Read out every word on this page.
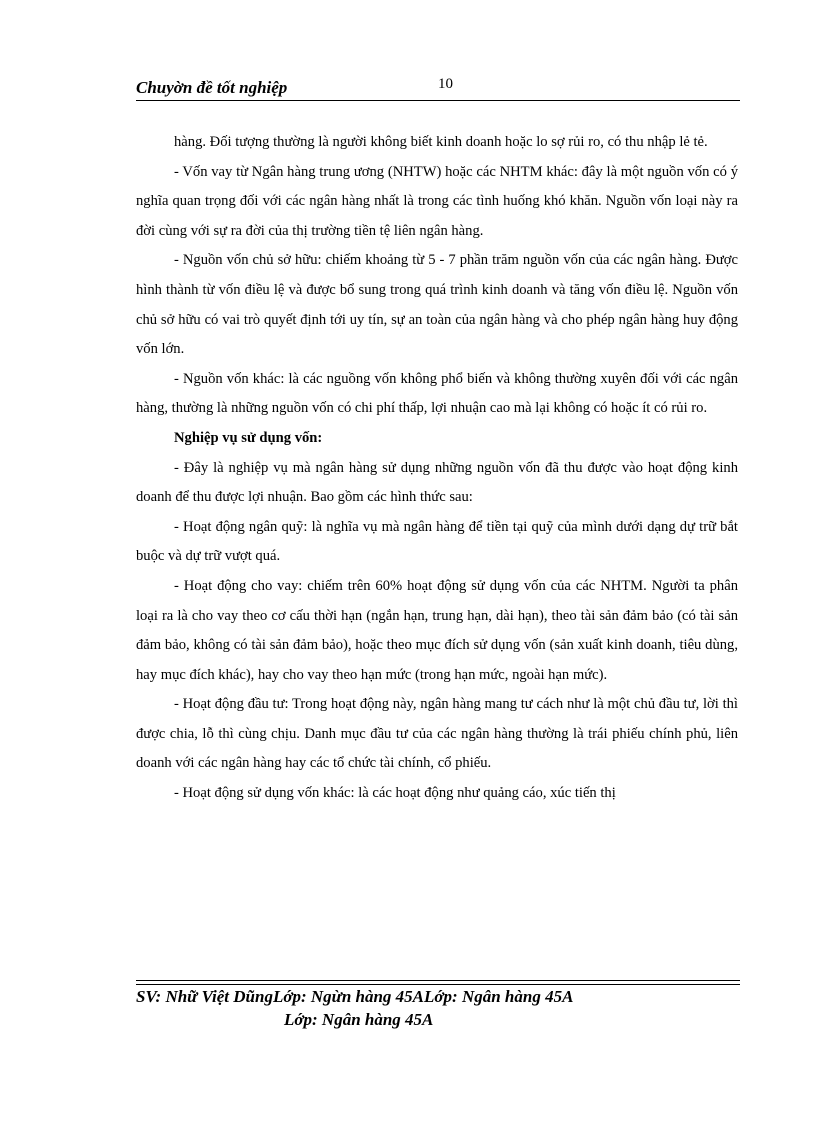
Chuyờn đề tốt nghiệp	10

hàng. Đối tượng thường là người không biết kinh doanh hoặc lo sợ rủi ro, có thu nhập lẻ tẻ.

- Vốn vay từ Ngân hàng trung ương (NHTW) hoặc các NHTM khác: đây là một nguồn vốn có ý nghĩa quan trọng đối với các ngân hàng nhất là trong các tình huống khó khăn. Nguồn vốn loại này ra đời cùng với sự ra đời của thị trường tiền tệ liên ngân hàng.

- Nguồn vốn chủ sở hữu: chiếm khoảng từ 5 - 7 phần trăm nguồn vốn của các ngân hàng. Được hình thành từ vốn điều lệ và được bổ sung trong quá trình kinh doanh và tăng vốn điều lệ. Nguồn vốn chủ sở hữu có vai trò quyết định tới uy tín, sự an toàn của ngân hàng và cho phép ngân hàng huy động vốn lớn.

- Nguồn vốn khác: là các nguồng vốn không phổ biến và không thường xuyên đối với các ngân hàng, thường là những nguồn vốn có chi phí thấp, lợi nhuận cao mà lại không có hoặc ít có rủi ro.

Nghiệp vụ sử dụng vốn:

- Đây là nghiệp vụ mà ngân hàng sử dụng những nguồn vốn đã thu được vào hoạt động kinh doanh để thu được lợi nhuận. Bao gồm các hình thức sau:

- Hoạt động ngân quỹ: là nghĩa vụ mà ngân hàng để tiền tại quỹ của mình dưới dạng dự trữ bắt buộc và dự trữ vượt quá.

- Hoạt động cho vay: chiếm trên 60% hoạt động sử dụng vốn của các NHTM. Người ta phân loại ra là cho vay theo cơ cấu thời hạn (ngắn hạn, trung hạn, dài hạn), theo tài sản đảm bảo (có tài sản đảm bảo, không có tài sản đảm bảo), hoặc theo mục đích sử dụng vốn (sản xuất kinh doanh, tiêu dùng, hay mục đích khác), hay cho vay theo hạn mức (trong hạn mức, ngoài hạn mức).

- Hoạt động đầu tư: Trong hoạt động này, ngân hàng mang tư cách như là một chủ đầu tư, lời thì được chia, lỗ thì cùng chịu. Danh mục đầu tư của các ngân hàng thường là trái phiếu chính phủ, liên doanh với các ngân hàng hay các tổ chức tài chính, cổ phiếu.

- Hoạt động sử dụng vốn khác: là các hoạt động như quảng cáo, xúc tiến thị

SV: Nhữ Việt DũngLớp: Ngừn hàng 45ALớp: Ngân hàng 45A
Lớp: Ngân hàng 45A
